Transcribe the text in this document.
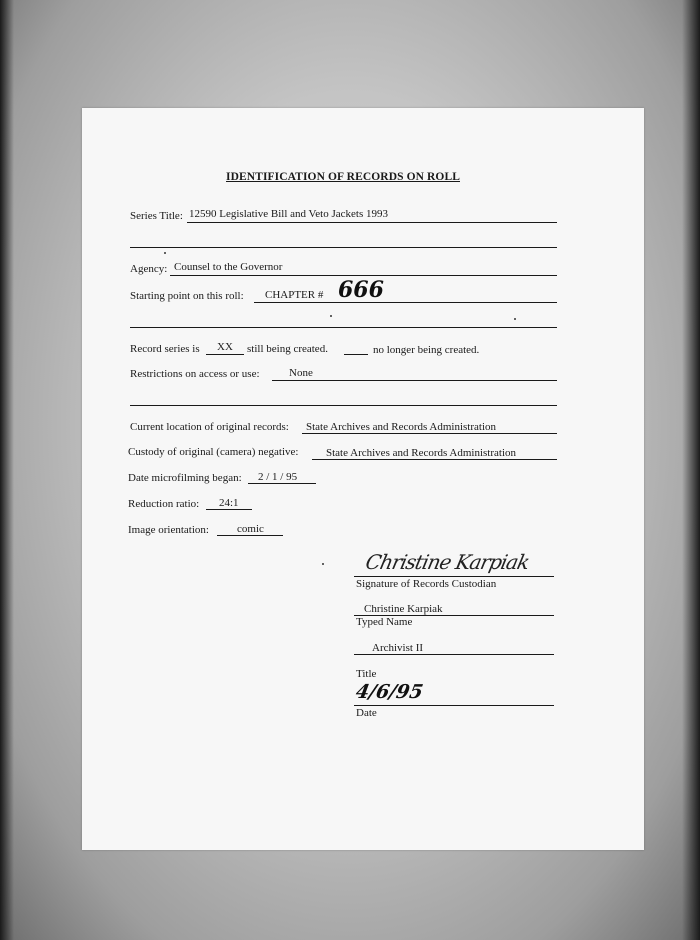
IDENTIFICATION OF RECORDS ON ROLL
Series Title: 12590 Legislative Bill and Veto Jackets 1993
Agency: Counsel to the Governor
Starting point on this roll: CHAPTER # 666
Record series is XX still being created.	no longer being created.
Restrictions on access or use:	None
Current location of original records: State Archives and Records Administration
Custody of original (camera) negative:	State Archives and Records Administration
Date microfilming began: 2 / 1 / 95
Reduction ratio: 24:1
Image orientation:	comic
Christine Karpiak
Signature of Records Custodian
Christine Karpiak
Typed Name
Archivist II
Title
4/6/95
Date
